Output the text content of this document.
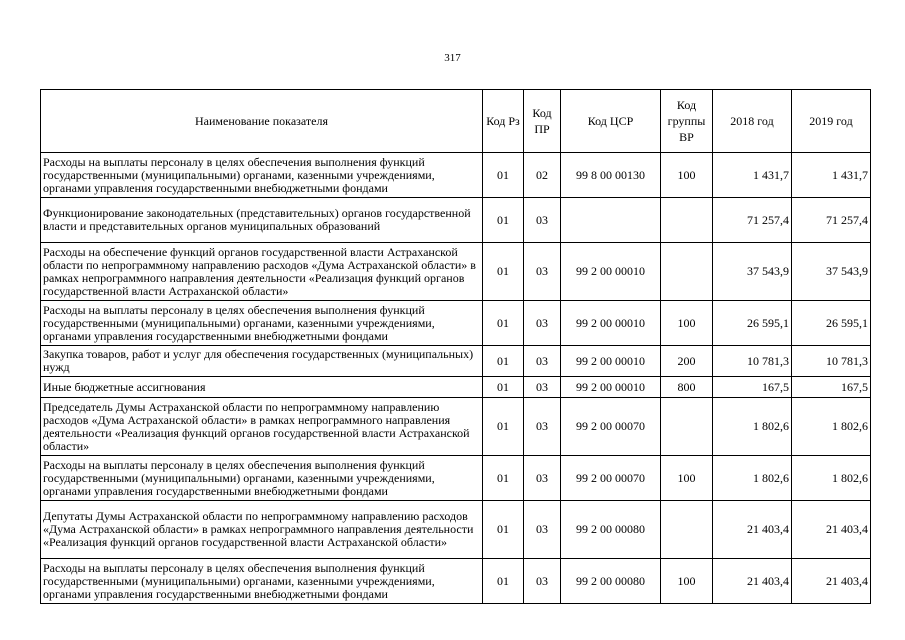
317
Наименование показателя	Код Рз	Код ПР	Код ЦСР	Код группы ВР	2018 год	2019 год
Расходы на выплаты персоналу в целях обеспечения выполнения функций государственными (муниципальными) органами, казенными учреждениями, органами управления государственными внебюджетными фондами	01	02	99 8 00 00130	100	1 431,7	1 431,7
Функционирование законодательных (представительных) органов государственной власти и представительных органов муниципальных образований	01	03			71 257,4	71 257,4
Расходы на обеспечение функций органов государственной власти Астраханской области по непрограммному направлению расходов «Дума Астраханской области» в рамках непрограммного направления деятельности «Реализация функций органов государственной власти Астраханской области»	01	03	99 2 00 00010		37 543,9	37 543,9
Расходы на выплаты персоналу в целях обеспечения выполнения функций государственными (муниципальными) органами, казенными учреждениями, органами управления государственными внебюджетными фондами	01	03	99 2 00 00010	100	26 595,1	26 595,1
Закупка товаров, работ и услуг для обеспечения государственных (муниципальных) нужд	01	03	99 2 00 00010	200	10 781,3	10 781,3
Иные бюджетные ассигнования	01	03	99 2 00 00010	800	167,5	167,5
Председатель Думы Астраханской области по непрограммному направлению расходов «Дума Астраханской области» в рамках непрограммного направления деятельности «Реализация функций органов государственной власти Астраханской области»	01	03	99 2 00 00070		1 802,6	1 802,6
Расходы на выплаты персоналу в целях обеспечения выполнения функций государственными (муниципальными) органами, казенными учреждениями, органами управления государственными внебюджетными фондами	01	03	99 2 00 00070	100	1 802,6	1 802,6
Депутаты Думы Астраханской области по непрограммному направлению расходов «Дума Астраханской области» в рамках непрограммного направления деятельности «Реализация функций органов государственной власти Астраханской области»	01	03	99 2 00 00080		21 403,4	21 403,4
Расходы на выплаты персоналу в целях обеспечения выполнения функций государственными (муниципальными) органами, казенными учреждениями, органами управления государственными внебюджетными фондами	01	03	99 2 00 00080	100	21 403,4	21 403,4
